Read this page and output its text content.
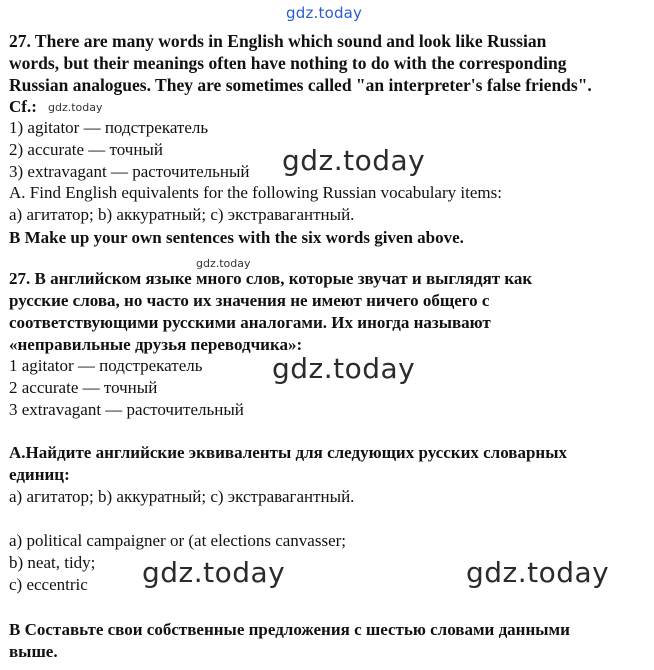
gdz.today
gdz.today
gdz.today
gdz.today
gdz.today
gdz.today	gdz.today
27. There are many words in English which sound and look like Russian
words, but their meanings often have nothing to do with the corresponding
Russian analogues. They are sometimes called "an interpreter's false friends".
Cf.:
1) agitator — подстрекатель
2) accurate — точный
3) extravagant — расточительный
A. Find English equivalents for the following Russian vocabulary items:
а) агитатор; b) аккуратный; с) экстравагантный.
B Make up your own sentences with the six words given above.
27. В английском языке много слов, которые звучат и выглядят как
русские слова, но часто их значения не имеют ничего общего с
соответствующими русскими аналогами. Их иногда называют
«неправильные друзья переводчика»:
1 agitator — подстрекатель
2 accurate — точный
3 extravagant — расточительный
А.Найдите английские эквиваленты для следующих русских словарных
единиц:
а) агитатор; b) аккуратный; с) экстравагантный.
a) political campaigner or (at elections canvasser;
b) neat, tidy;
c) eccentric
В Составьте свои собственные предложения с шестью словами данными
выше.
